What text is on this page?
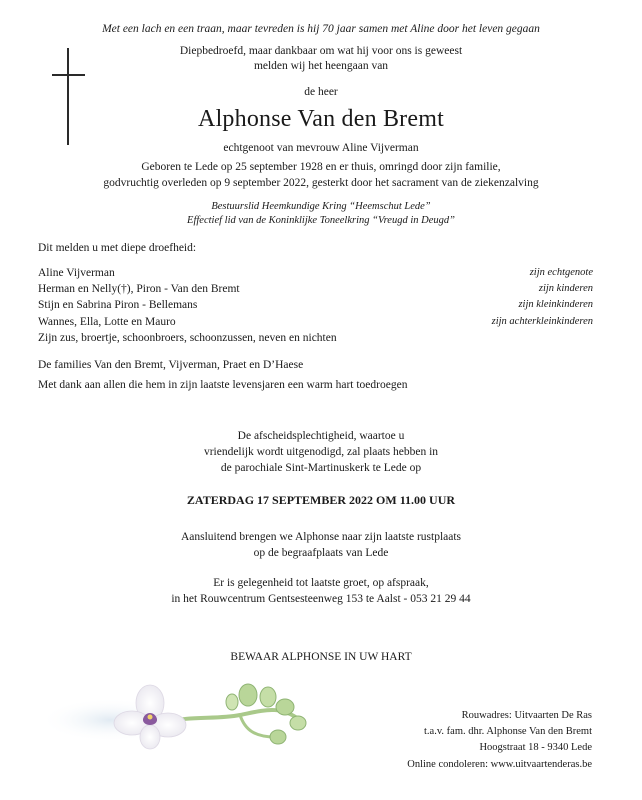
Met een lach en een traan, maar tevreden is hij 70 jaar samen met Aline door het leven gegaan
Diepbedroefd, maar dankbaar om wat hij voor ons is geweest
melden wij het heengaan van
de heer
Alphonse Van den Bremt
echtgenoot van mevrouw Aline Vijverman
Geboren te Lede op 25 september 1928 en er thuis, omringd door zijn familie,
godvruchtig overleden op 9 september 2022, gesterkt door het sacrament van de ziekenzalving
Bestuurslid Heemkundige Kring “Heemschut Lede”
Effectief lid van de Koninklijke Toneelkring “Vreugd in Deugd”
Dit melden u met diepe droefheid:
Aline Vijverman	zijn echtgenote
Herman en Nelly(†), Piron - Van den Bremt	zijn kinderen
Stijn en Sabrina Piron - Bellemans	zijn kleinkinderen
Wannes, Ella, Lotte en Mauro	zijn achterkleinkinderen
Zijn zus, broertje, schoonbroers, schoonzussen, neven en nichten
De families Van den Bremt, Vijverman, Praet en D’Haese
Met dank aan allen die hem in zijn laatste levensjaren een warm hart toedroegen
De afscheidsplechtigheid, waartoe u
vriendelijk wordt uitgenodigd, zal plaats hebben in
de parochiale Sint-Martinuskerk te Lede op
ZATERDAG 17 SEPTEMBER 2022 OM 11.00 UUR
Aansluitend brengen we Alphonse naar zijn laatste rustplaats
op de begraafplaats van Lede
Er is gelegenheid tot laatste groet, op afspraak,
in het Rouwcentrum Gentsesteenweg 153 te Aalst - 053 21 29 44
BEWAAR ALPHONSE IN UW HART
Rouwadres: Uitvaarten De Ras
t.a.v. fam. dhr. Alphonse Van den Bremt
Hoogstraat 18 - 9340 Lede
Online condoleren: www.uitvaartenderas.be
